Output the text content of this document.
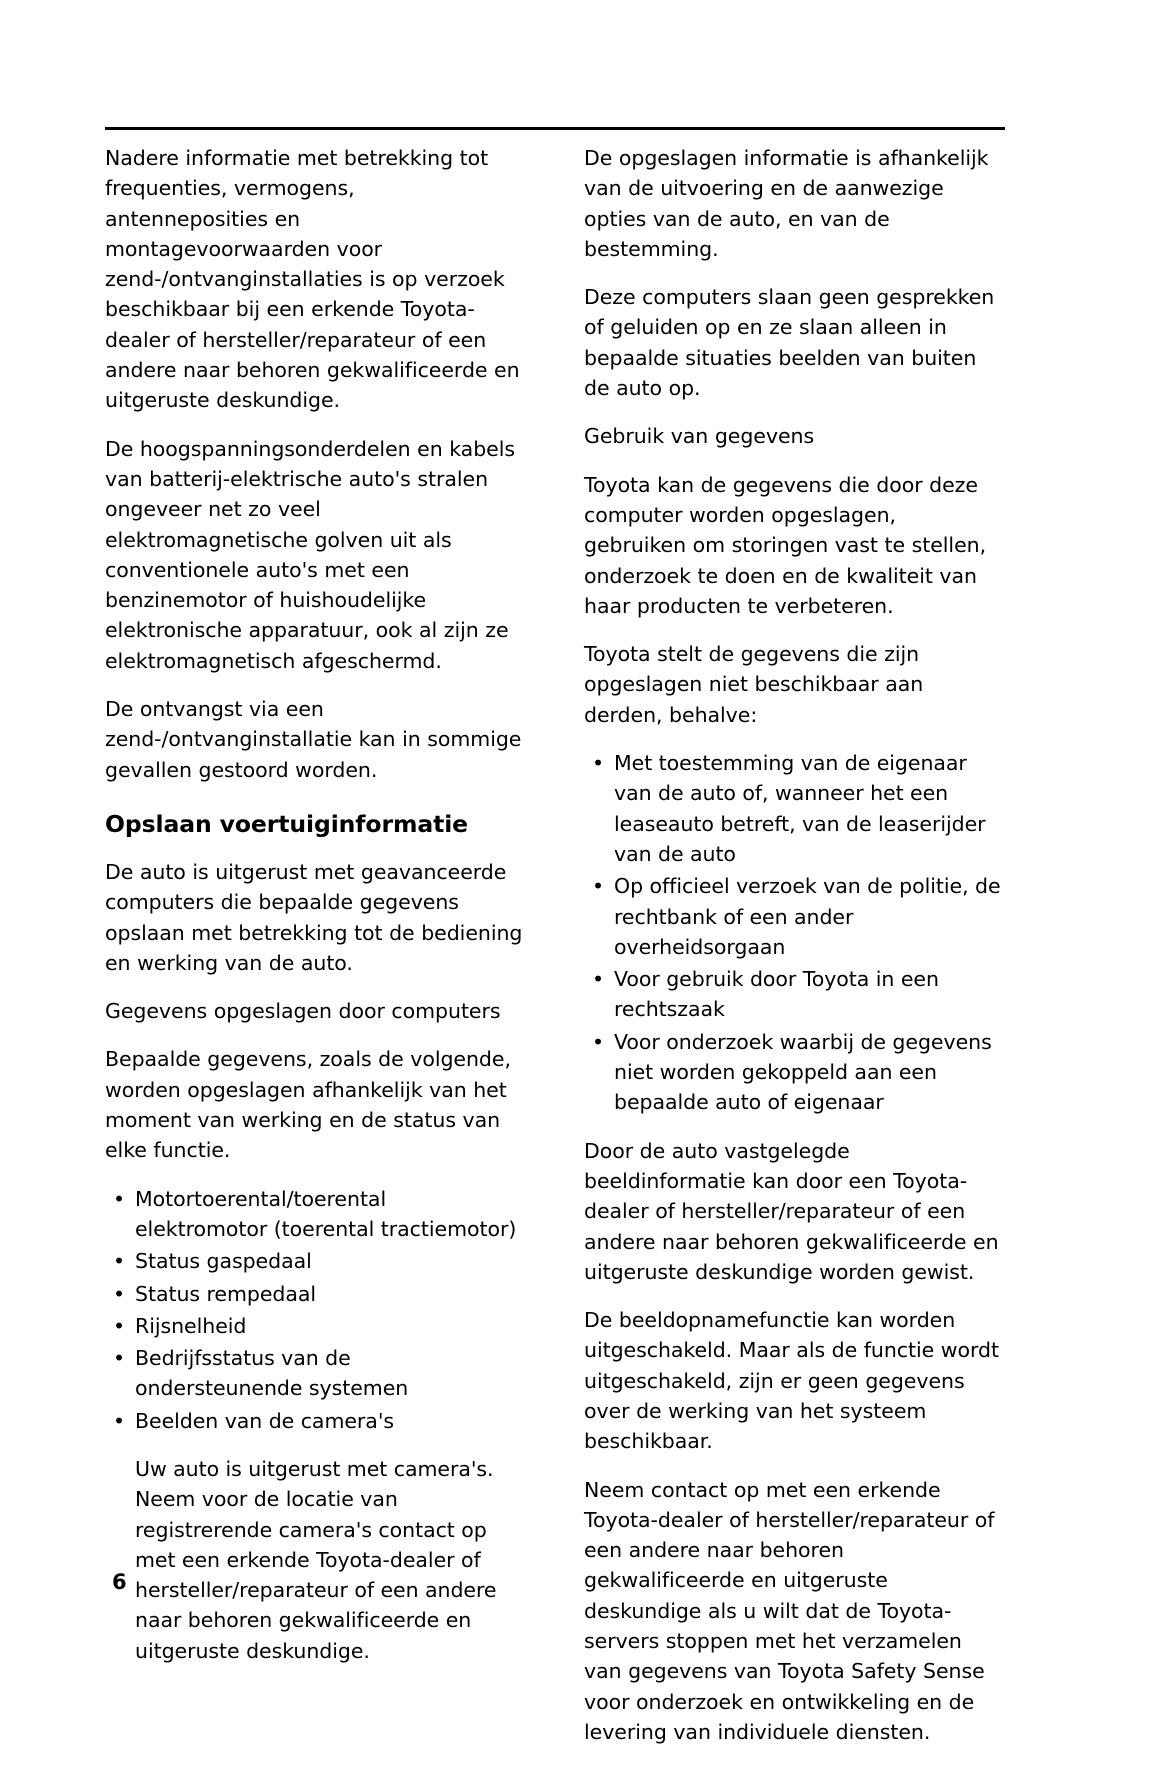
Nadere informatie met betrekking tot frequenties, vermogens, antenneposities en montagevoorwaarden voor zend-/ontvanginstallaties is op verzoek beschikbaar bij een erkende Toyota-dealer of hersteller/reparateur of een andere naar behoren gekwalificeerde en uitgeruste deskundige.

De hoogspanningsonderdelen en kabels van batterij-elektrische auto's stralen ongeveer net zo veel elektromagnetische golven uit als conventionele auto's met een benzinemotor of huishoudelijke elektronische apparatuur, ook al zijn ze elektromagnetisch afgeschermd.

De ontvangst via een zend-/ontvanginstallatie kan in sommige gevallen gestoord worden.

Opslaan voertuiginformatie

De auto is uitgerust met geavanceerde computers die bepaalde gegevens opslaan met betrekking tot de bediening en werking van de auto.

Gegevens opgeslagen door computers

Bepaalde gegevens, zoals de volgende, worden opgeslagen afhankelijk van het moment van werking en de status van elke functie.

• Motortoerental/toerental elektromotor (toerental tractiemotor)
• Status gaspedaal
• Status rempedaal
• Rijsnelheid
• Bedrijfsstatus van de ondersteunende systemen
• Beelden van de camera's

Uw auto is uitgerust met camera's. Neem voor de locatie van registrerende camera's contact op met een erkende Toyota-dealer of hersteller/reparateur of een andere naar behoren gekwalificeerde en uitgeruste deskundige.

De opgeslagen informatie is afhankelijk van de uitvoering en de aanwezige opties van de auto, en van de bestemming.

Deze computers slaan geen gesprekken of geluiden op en ze slaan alleen in bepaalde situaties beelden van buiten de auto op.

Gebruik van gegevens

Toyota kan de gegevens die door deze computer worden opgeslagen, gebruiken om storingen vast te stellen, onderzoek te doen en de kwaliteit van haar producten te verbeteren.

Toyota stelt de gegevens die zijn opgeslagen niet beschikbaar aan derden, behalve:

• Met toestemming van de eigenaar van de auto of, wanneer het een leaseauto betreft, van de leaserijder van de auto
• Op officieel verzoek van de politie, de rechtbank of een ander overheidsorgaan
• Voor gebruik door Toyota in een rechtszaak
• Voor onderzoek waarbij de gegevens niet worden gekoppeld aan een bepaalde auto of eigenaar

Door de auto vastgelegde beeldinformatie kan door een Toyota-dealer of hersteller/reparateur of een andere naar behoren gekwalificeerde en uitgeruste deskundige worden gewist.

De beeldopnamefunctie kan worden uitgeschakeld. Maar als de functie wordt uitgeschakeld, zijn er geen gegevens over de werking van het systeem beschikbaar.

Neem contact op met een erkende Toyota-dealer of hersteller/reparateur of een andere naar behoren gekwalificeerde en uitgeruste deskundige als u wilt dat de Toyota-servers stoppen met het verzamelen van gegevens van Toyota Safety Sense voor onderzoek en ontwikkeling en de levering van individuele diensten.

6
